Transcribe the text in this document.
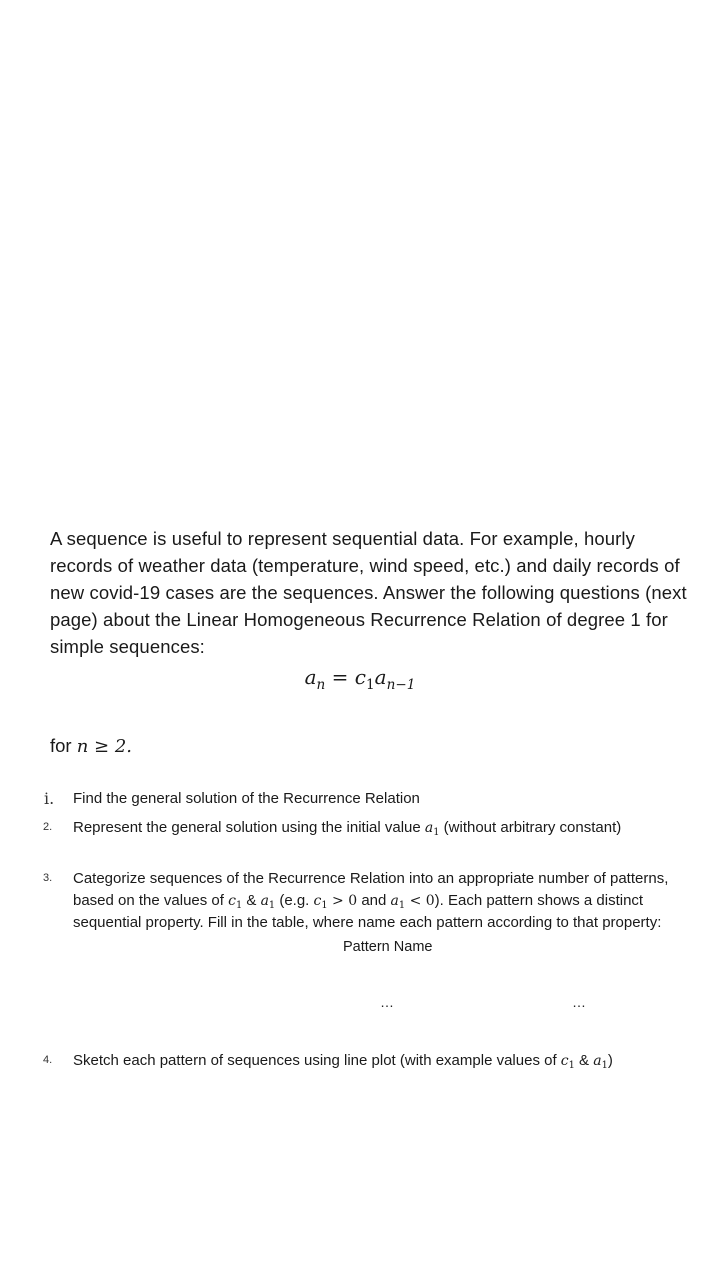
A sequence is useful to represent sequential data. For example, hourly records of weather data (temperature, wind speed, etc.) and daily records of new covid-19 cases are the sequences. Answer the following questions (next page) about the Linear Homogeneous Recurrence Relation of degree 1 for simple sequences:
$a_n = c_1a_{n-1}$
for n ≥ 2.
i. Find the general solution of the Recurrence Relation
2. Represent the general solution using the initial value $a_1$ (without arbitrary constant)
3. Categorize sequences of the Recurrence Relation into an appropriate number of patterns, based on the values of $c_1$ & $a_1$ (e.g. $c_1 > 0$ and $a_1 < 0$). Each pattern shows a distinct sequential property. Fill in the table, where name each pattern according to that property:
Pattern Name
…	…
4. Sketch each pattern of sequences using line plot (with example values of $c_1$ & $a_1$)
